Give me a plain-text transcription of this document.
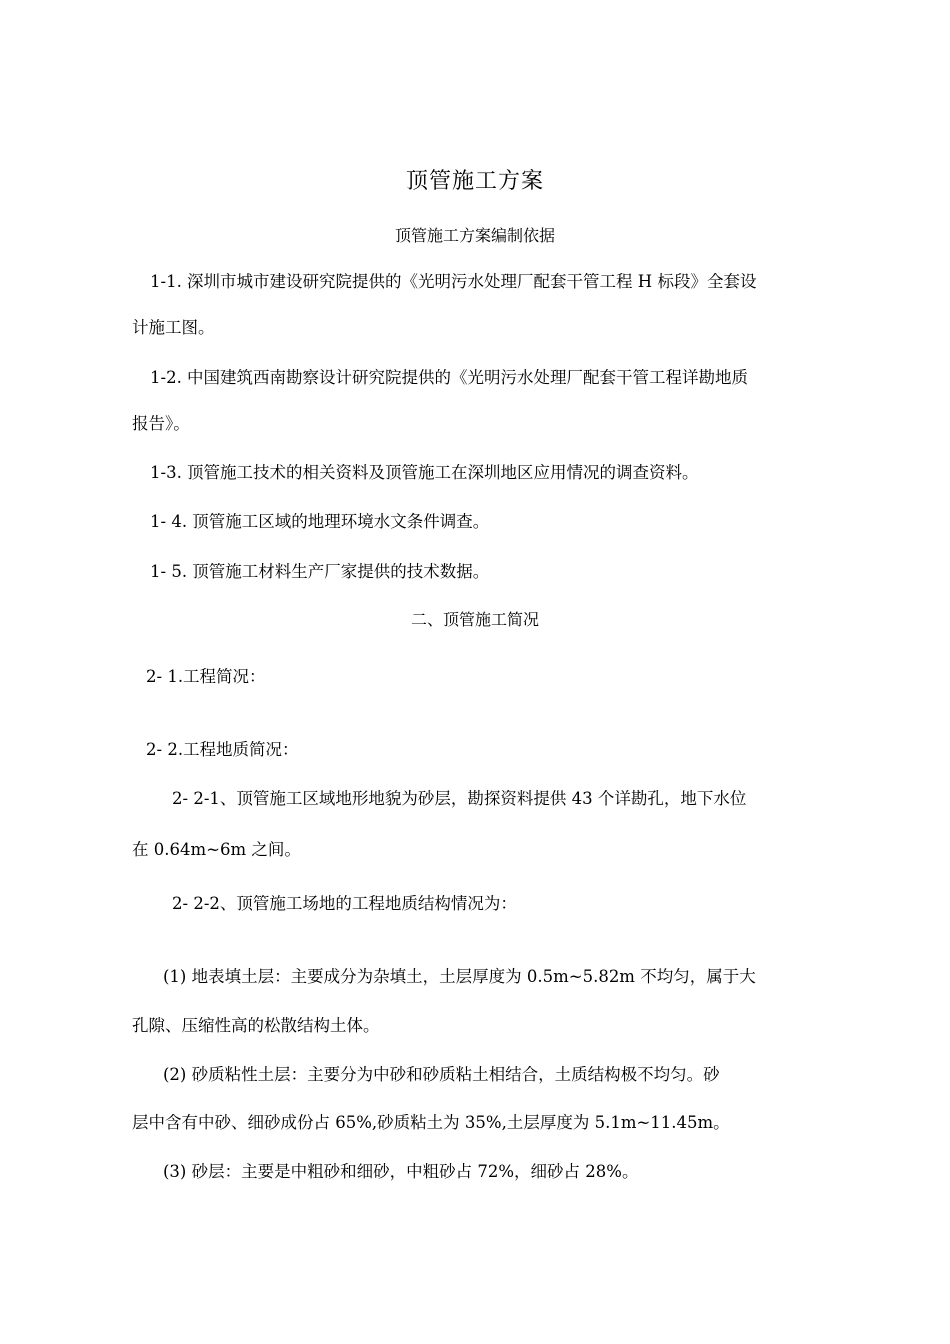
顶管施工方案
顶管施工方案编制依据
1-1. 深圳市城市建设研究院提供的《光明污水处理厂配套干管工程 H 标段》全套设
计施工图。
1-2. 中国建筑西南勘察设计研究院提供的《光明污水处理厂配套干管工程详勘地质
报告》。
1-3. 顶管施工技术的相关资料及顶管施工在深圳地区应用情况的调查资料。
1- 4. 顶管施工区域的地理环境水文条件调查。
1- 5. 顶管施工材料生产厂家提供的技术数据。
二、顶管施工简况
2- 1.工程简况：
2- 2.工程地质简况：
2- 2-1、顶管施工区域地形地貌为砂层，勘探资料提供 43 个详勘孔，地下水位
在 0.64m~6m 之间。
2- 2-2、顶管施工场地的工程地质结构情况为：
(1) 地表填土层：主要成分为杂填土，土层厚度为 0.5m~5.82m 不均匀，属于大
孔隙、压缩性高的松散结构土体。
(2) 砂质粘性土层：主要分为中砂和砂质粘土相结合，土质结构极不均匀。砂
层中含有中砂、细砂成份占 65%,砂质粘土为 35%,土层厚度为 5.1m~11.45m。
(3) 砂层：主要是中粗砂和细砂，中粗砂占 72%，细砂占 28%。
